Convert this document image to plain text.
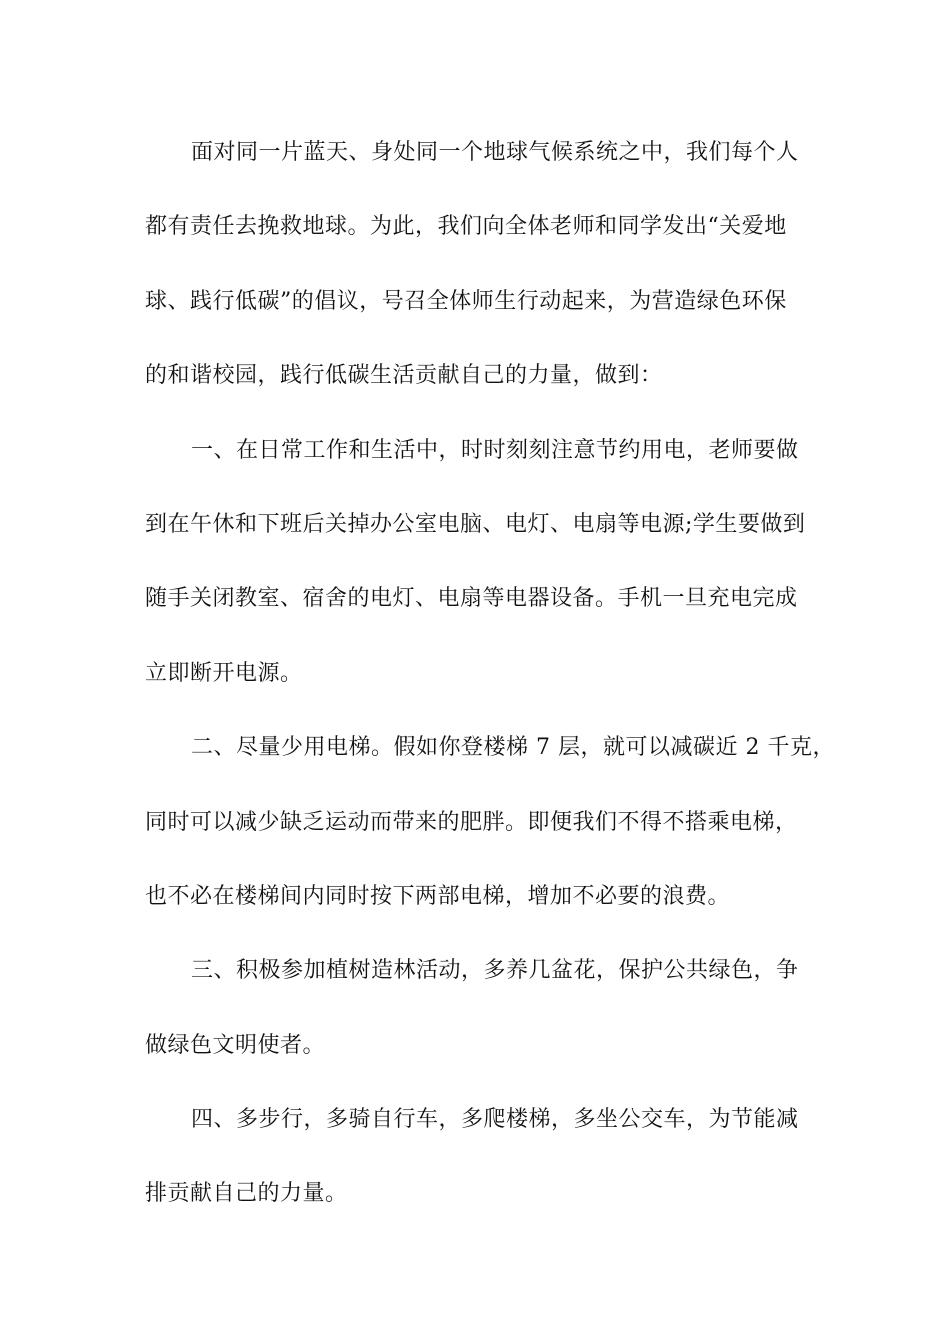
面对同一片蓝天、身处同一个地球气候系统之中，我们每个人
都有责任去挽救地球。为此，我们向全体老师和同学发出“关爱地
球、践行低碳”的倡议，号召全体师生行动起来，为营造绿色环保
的和谐校园，践行低碳生活贡献自己的力量，做到：
一、在日常工作和生活中，时时刻刻注意节约用电，老师要做
到在午休和下班后关掉办公室电脑、电灯、电扇等电源;学生要做到
随手关闭教室、宿舍的电灯、电扇等电器设备。手机一旦充电完成
立即断开电源。
二、尽量少用电梯。假如你登楼梯 7 层，就可以减碳近 2 千克，
同时可以减少缺乏运动而带来的肥胖。即便我们不得不搭乘电梯，
也不必在楼梯间内同时按下两部电梯，增加不必要的浪费。
三、积极参加植树造林活动，多养几盆花，保护公共绿色，争
做绿色文明使者。
四、多步行，多骑自行车，多爬楼梯，多坐公交车，为节能减
排贡献自己的力量。
